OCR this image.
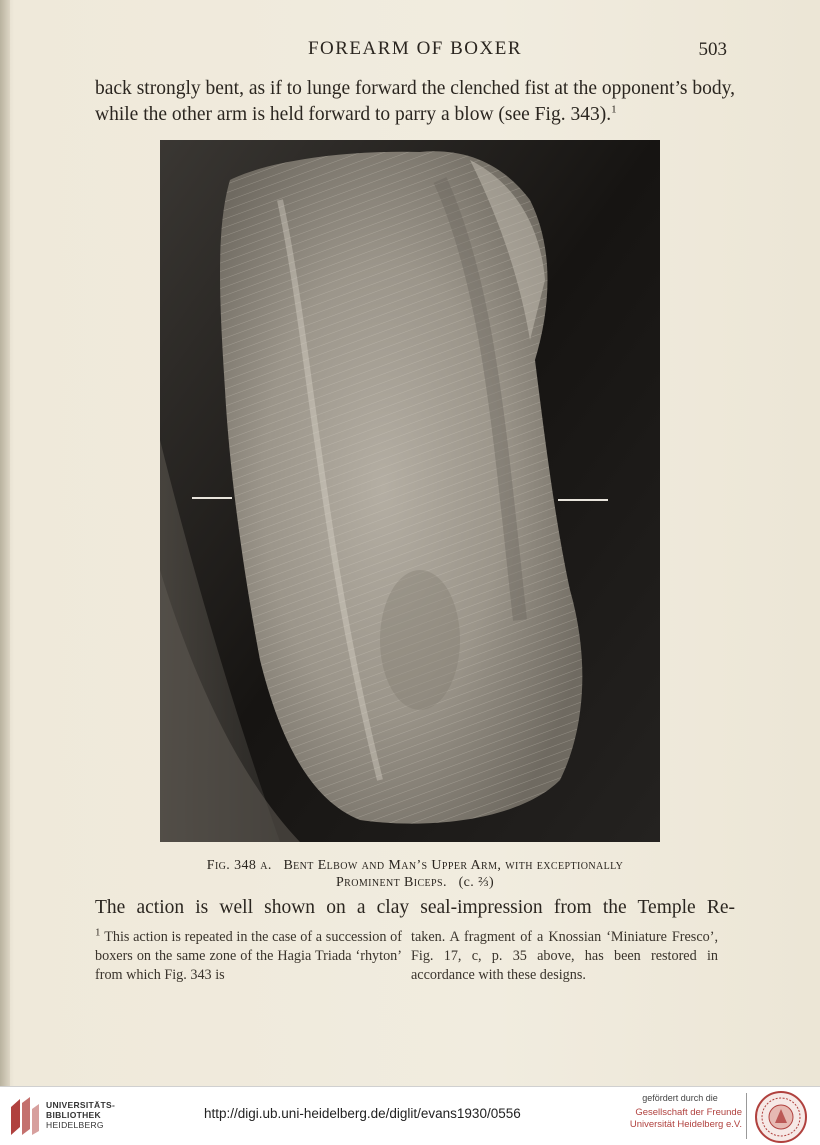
FOREARM OF BOXER	503
back strongly bent, as if to lunge forward the clenched fist at the opponent’s body, while the other arm is held forward to parry a blow (see Fig. 343).$^1$
Fig. 348 a. Bent Elbow and Man’s Upper Arm, with exceptionally
Prominent Biceps. (c. ⅔)
The action is well shown on a clay seal-impression from the Temple Re-
$^1$ This action is repeated in the case of a succession of boxers on the same zone of the Hagia Triada ‘rhyton’ from which Fig. 343 is
taken. A fragment of a Knossian ‘Miniature Fresco’, Fig. 17, c, p. 35 above, has been restored in accordance with these designs.
UNIVERSITÄTS-
BIBLIOTHEK
HEIDELBERG
http://digi.ub.uni-heidelberg.de/diglit/evans1930/0556
gefördert durch die
Gesellschaft der Freunde
Universität Heidelberg e.V.
